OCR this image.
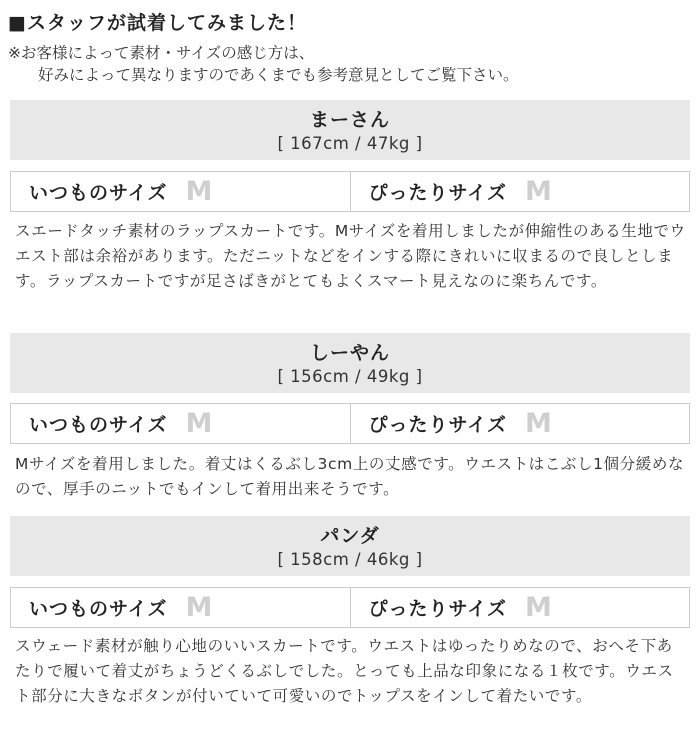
■スタッフが試着してみました！
※お客様によって素材・サイズの感じ方は、
好みによって異なりますのであくまでも参考意見としてご覧下さい。
まーさん
[ 167cm / 47kg ]
いつものサイズ M	ぴったりサイズ M
スエードタッチ素材のラップスカートです。Mサイズを着用しましたが伸縮性のある生地でウエスト部は余裕があります。ただニットなどをインする際にきれいに収まるので良しとします。ラップスカートですが足さばきがとてもよくスマート見えなのに楽ちんです。
しーやん
[ 156cm / 49kg ]
いつものサイズ M	ぴったりサイズ M
Mサイズを着用しました。着丈はくるぶし3cm上の丈感です。ウエストはこぶし1個分緩めなので、厚手のニットでもインして着用出来そうです。
パンダ
[ 158cm / 46kg ]
いつものサイズ M	ぴったりサイズ M
スウェード素材が触り心地のいいスカートです。ウエストはゆったりめなので、おへそ下あたりで履いて着丈がちょうどくるぶしでした。とっても上品な印象になる１枚です。ウエスト部分に大きなボタンが付いていて可愛いのでトップスをインして着たいです。
